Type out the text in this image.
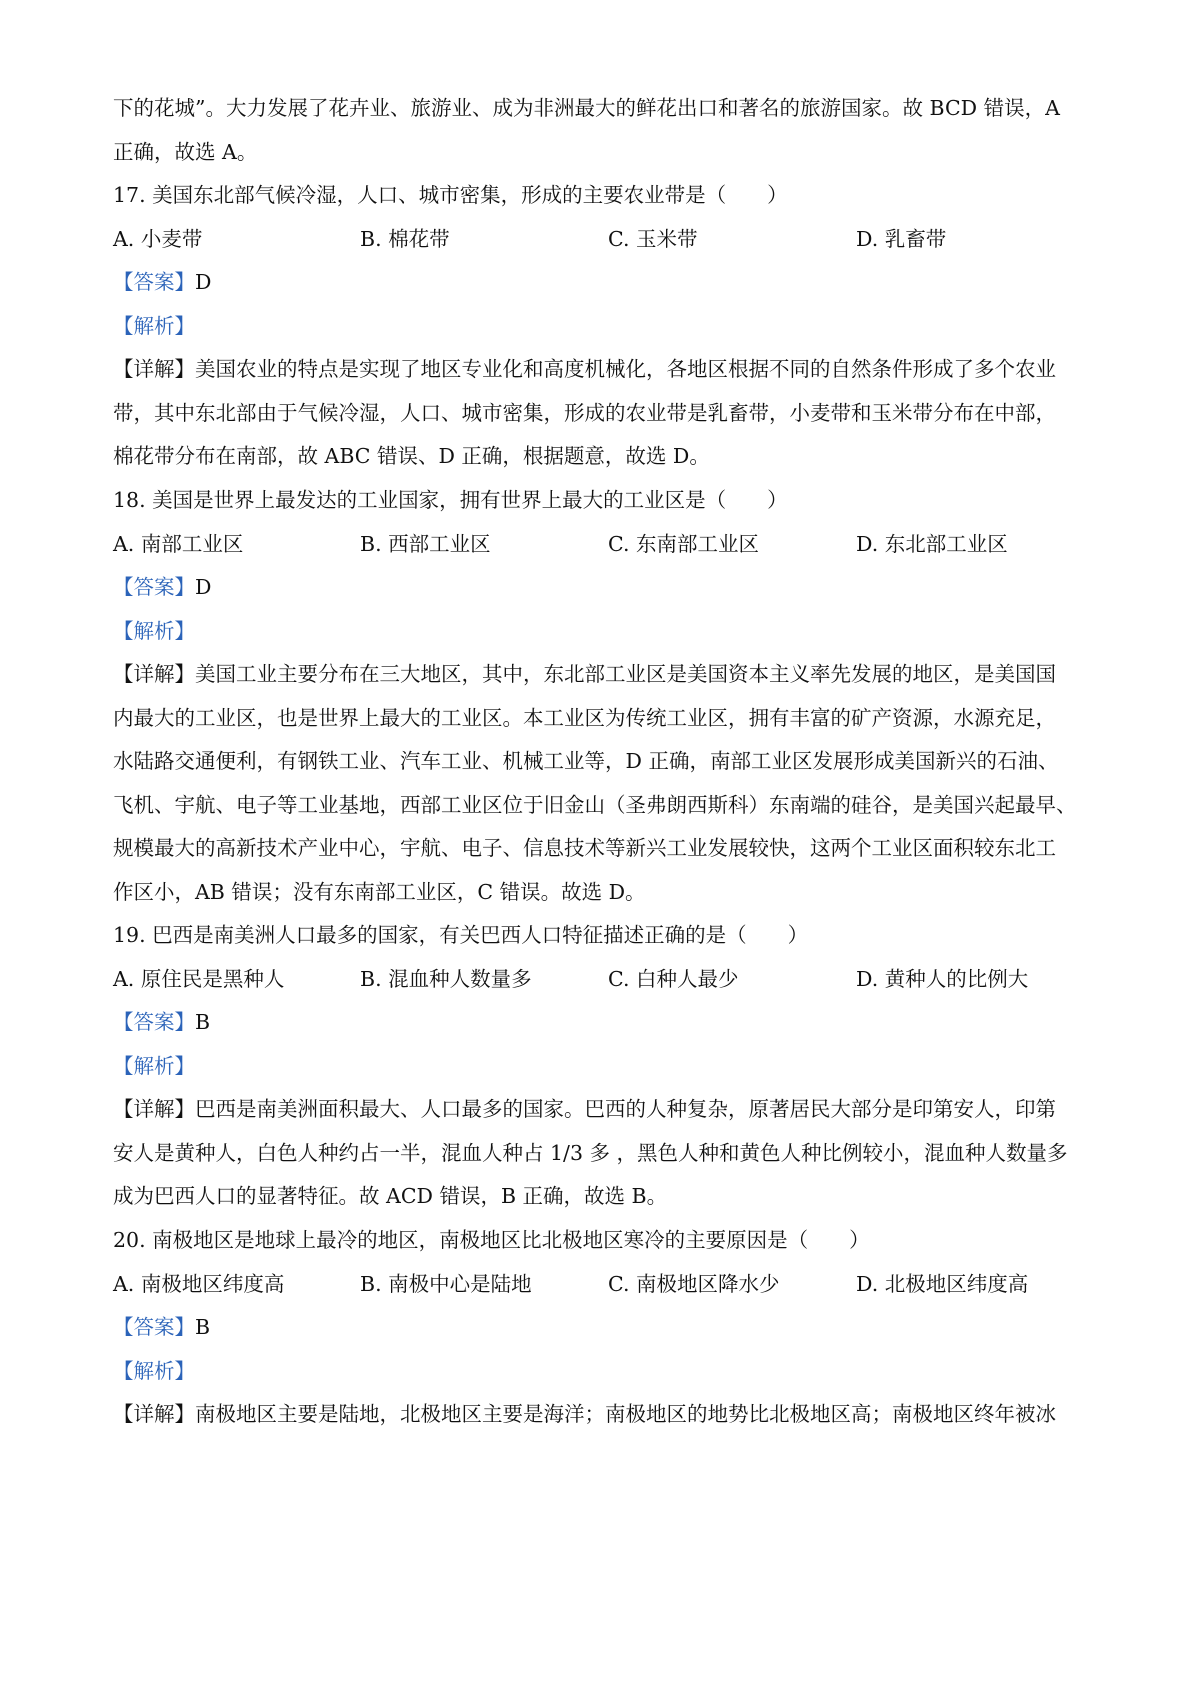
下的花城”。大力发展了花卉业、旅游业、成为非洲最大的鲜花出口和著名的旅游国家。故 BCD 错误，A
正确，故选 A。
17. 美国东北部气候冷湿，人口、城市密集，形成的主要农业带是（　　）
A. 小麦带	B. 棉花带	C. 玉米带	D. 乳畜带
【答案】D
【解析】
【详解】美国农业的特点是实现了地区专业化和高度机械化，各地区根据不同的自然条件形成了多个农业
带，其中东北部由于气候冷湿，人口、城市密集，形成的农业带是乳畜带，小麦带和玉米带分布在中部，
棉花带分布在南部，故 ABC 错误、D 正确，根据题意，故选 D。
18. 美国是世界上最发达的工业国家，拥有世界上最大的工业区是（　　）
A. 南部工业区	B. 西部工业区	C. 东南部工业区	D. 东北部工业区
【答案】D
【解析】
【详解】美国工业主要分布在三大地区，其中，东北部工业区是美国资本主义率先发展的地区，是美国国
内最大的工业区，也是世界上最大的工业区。本工业区为传统工业区，拥有丰富的矿产资源，水源充足，
水陆路交通便利，有钢铁工业、汽车工业、机械工业等，D 正确，南部工业区发展形成美国新兴的石油、
飞机、宇航、电子等工业基地，西部工业区位于旧金山（圣弗朗西斯科）东南端的硅谷，是美国兴起最早、
规模最大的高新技术产业中心，宇航、电子、信息技术等新兴工业发展较快，这两个工业区面积较东北工
作区小，AB 错误；没有东南部工业区，C 错误。故选 D。
19. 巴西是南美洲人口最多的国家，有关巴西人口特征描述正确的是（　　）
A. 原住民是黑种人	B. 混血种人数量多	C. 白种人最少	D. 黄种人的比例大
【答案】B
【解析】
【详解】巴西是南美洲面积最大、人口最多的国家。巴西的人种复杂，原著居民大部分是印第安人，印第
安人是黄种人，白色人种约占一半，混血人种占 1/3 多 ，黑色人种和黄色人种比例较小，混血种人数量多
成为巴西人口的显著特征。故 ACD 错误，B 正确，故选 B。
20. 南极地区是地球上最冷的地区，南极地区比北极地区寒冷的主要原因是（　　）
A. 南极地区纬度高	B. 南极中心是陆地	C. 南极地区降水少	D. 北极地区纬度高
【答案】B
【解析】
【详解】南极地区主要是陆地，北极地区主要是海洋；南极地区的地势比北极地区高；南极地区终年被冰
